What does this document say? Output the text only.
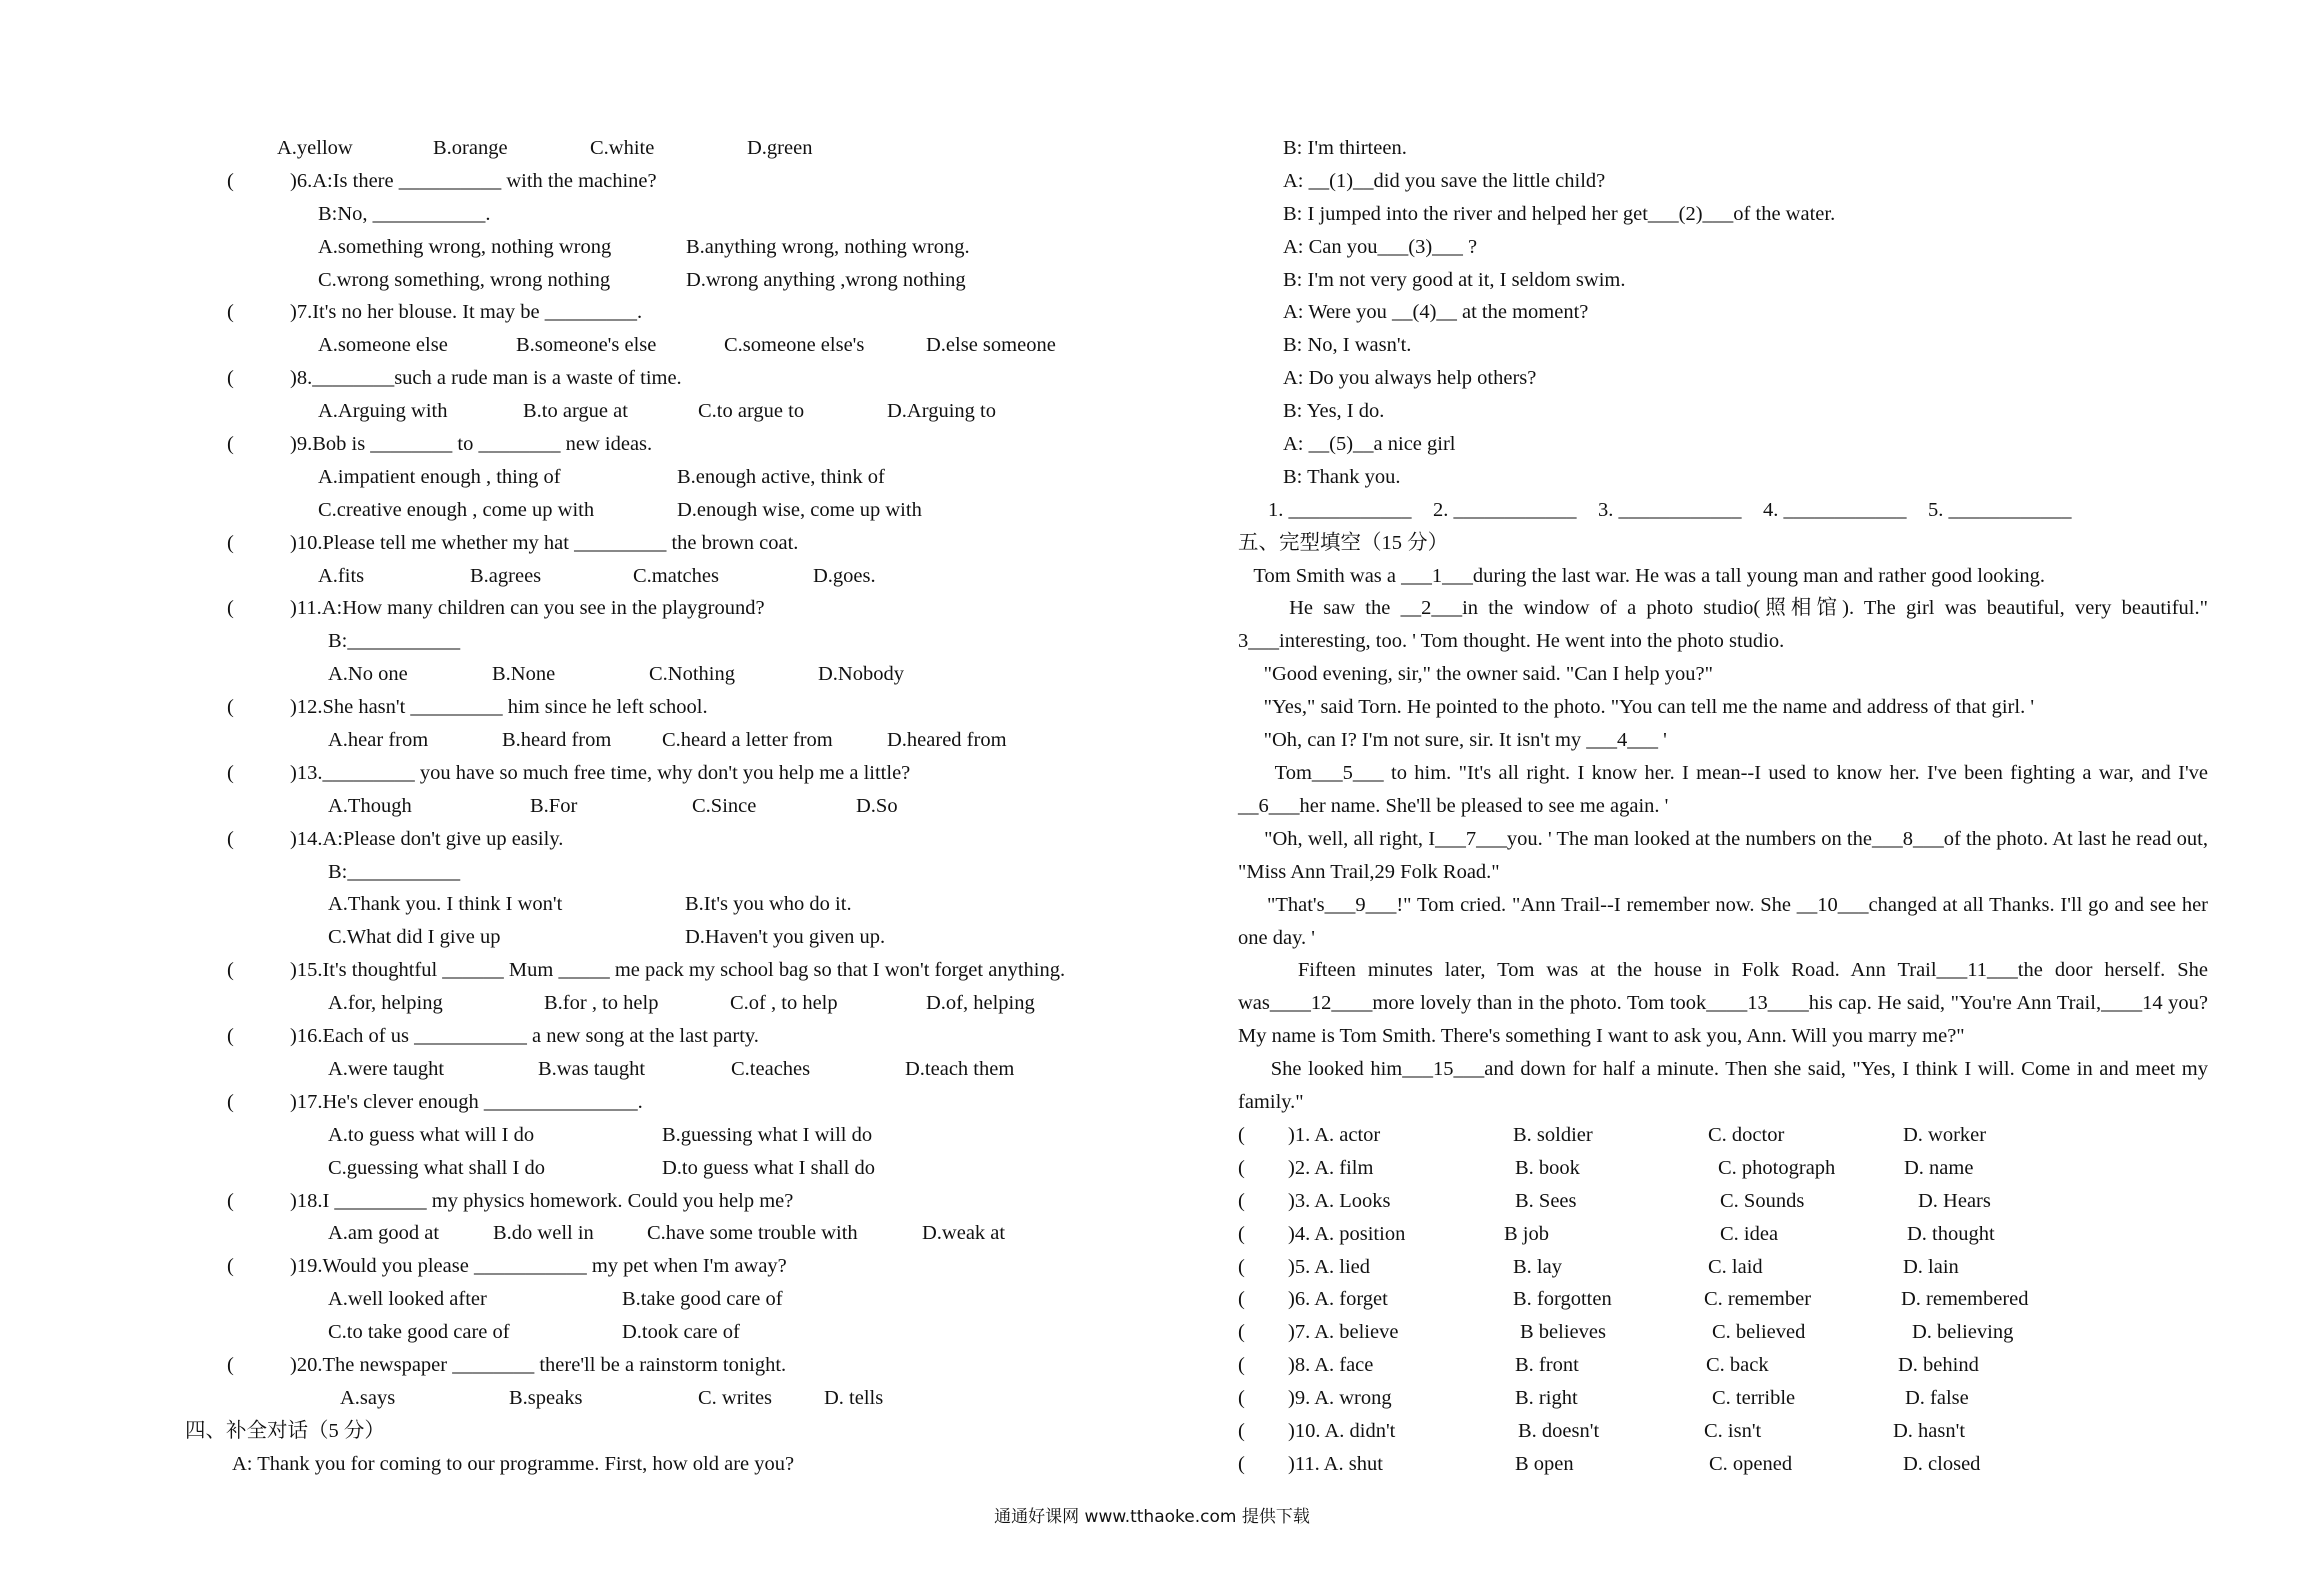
A.yellow	B.orange	C.white	D.green
(	)6.A:Is there __________ with the machine?
B:No, ___________.
A.something wrong, nothing wrong	B.anything wrong, nothing wrong.
C.wrong something, wrong nothing	D.wrong anything ,wrong nothing
(	)7.It's no her blouse. It may be _________.
A.someone else	B.someone's else	C.someone else's	D.else someone
(	)8.________such a rude man is a waste of time.
A.Arguing with	B.to argue at	C.to argue to	D.Arguing to
(	)9.Bob is ________ to ________ new ideas.
A.impatient enough , thing of	B.enough active, think of
C.creative enough , come up with	D.enough wise, come up with
(	)10.Please tell me whether my hat _________ the brown coat.
A.fits	B.agrees	C.matches	D.goes.
(	)11.A:How many children can you see in the playground?
B:___________
A.No one	B.None	C.Nothing	D.Nobody
(	)12.She hasn't _________ him since he left school.
A.hear from	B.heard from C.heard a letter from	D.heared from
(	)13._________ you have so much free time, why don't you help me a little?
A.Though	B.For	C.Since	D.So
(	)14.A:Please don't give up easily.
B:___________
A.Thank you. I think I won't	B.It's you who do it.
C.What did I give up	D.Haven't you given up.
(	)15.It's thoughtful ______ Mum _____ me pack my school bag so that I won't forget anything.
A.for, helping	B.for , to help	C.of , to help	D.of, helping
(	)16.Each of us ___________ a new song at the last party.
A.were taught	B.was taught	C.teaches	D.teach them
(	)17.He's clever enough _______________.
A.to guess what will I do	B.guessing what I will do
C.guessing what shall I do	D.to guess what I shall do
(	)18.I _________ my physics homework. Could you help me?
A.am good at	B.do well in	C.have some trouble with	D.weak at
(	)19.Would you please ___________ my pet when I'm away?
A.well looked after	B.take good care of
C.to take good care of	D.took care of
(	)20.The newspaper ________ there'll be a rainstorm tonight.
A.says	B.speaks	C. writes	D. tells
四、补全对话（5 分）
A: Thank you for coming to our programme. First, how old are you?
B: I'm thirteen.
A: __(1)__did you save the little child?
B: I jumped into the river and helped her get___(2)___of the water.
A: Can you___(3)___ ?
B: I'm not very good at it, I seldom swim.
A: Were you __(4)__ at the moment?
B: No, I wasn't.
A: Do you always help others?
B: Yes, I do.
A: __(5)__a nice girl
B: Thank you.
1. ____________ 2. ____________ 3. ____________ 4. ____________ 5. ____________
五、完型填空（15 分）

Tom Smith was a ___1___during the last war. He was a tall young man and rather good looking.

He saw the __2___in the window of a photo studio(照相馆). The girl was beautiful, very beautiful." 3___interesting, too. ' Tom thought. He went into the photo studio.

"Good evening, sir," the owner said. "Can I help you?"

"Yes," said Torn. He pointed to the photo. "You can tell me the name and address of that girl. '

"Oh, can I? I'm not sure, sir. It isn't my ___4___ '

Tom___5___ to him. "It's all right. I know her. I mean--I used to know her. I've been fighting a war, and I've __6___her name. She'll be pleased to see me again. '

"Oh, well, all right, I___7___you. ' The man looked at the numbers on the___8___of the photo. At last he read out, "Miss Ann Trail,29 Folk Road."

"That's___9___!" Tom cried. "Ann Trail--I remember now. She __10___changed at all Thanks. I'll go and see her one day. '

Fifteen minutes later, Tom was at the house in Folk Road. Ann Trail___11___the door herself. She was____12____more lovely than in the photo. Tom took____13____his cap. He said, "You're Ann Trail,____14 you? My name is Tom Smith. There's something I want to ask you, Ann. Will you marry me?"

She looked him___15___and down for half a minute. Then she said, "Yes, I think I will. Come in and meet my family."

( )1. A. actor	B. soldier	C. doctor	D. worker
( )2. A. film	B. book	C. photograph	D. name
( )3. A. Looks	B. Sees	C. Sounds	D. Hears
( )4. A. position	B job	C. idea	D. thought
( )5. A. lied	B. lay	C. laid	D. lain
( )6. A. forget	B. forgotten	C. remember	D. remembered
( )7. A. believe	B believes	C. believed	D. believing
( )8. A. face	B. front	C. back	D. behind
( )9. A. wrong	B. right	C. terrible	D. false
( )10. A. didn't	B. doesn't	C. isn't	D. hasn't
( )11. A. shut	B open	C. opened	D. closed
通通好课网 www.tthaoke.com 提供下载
